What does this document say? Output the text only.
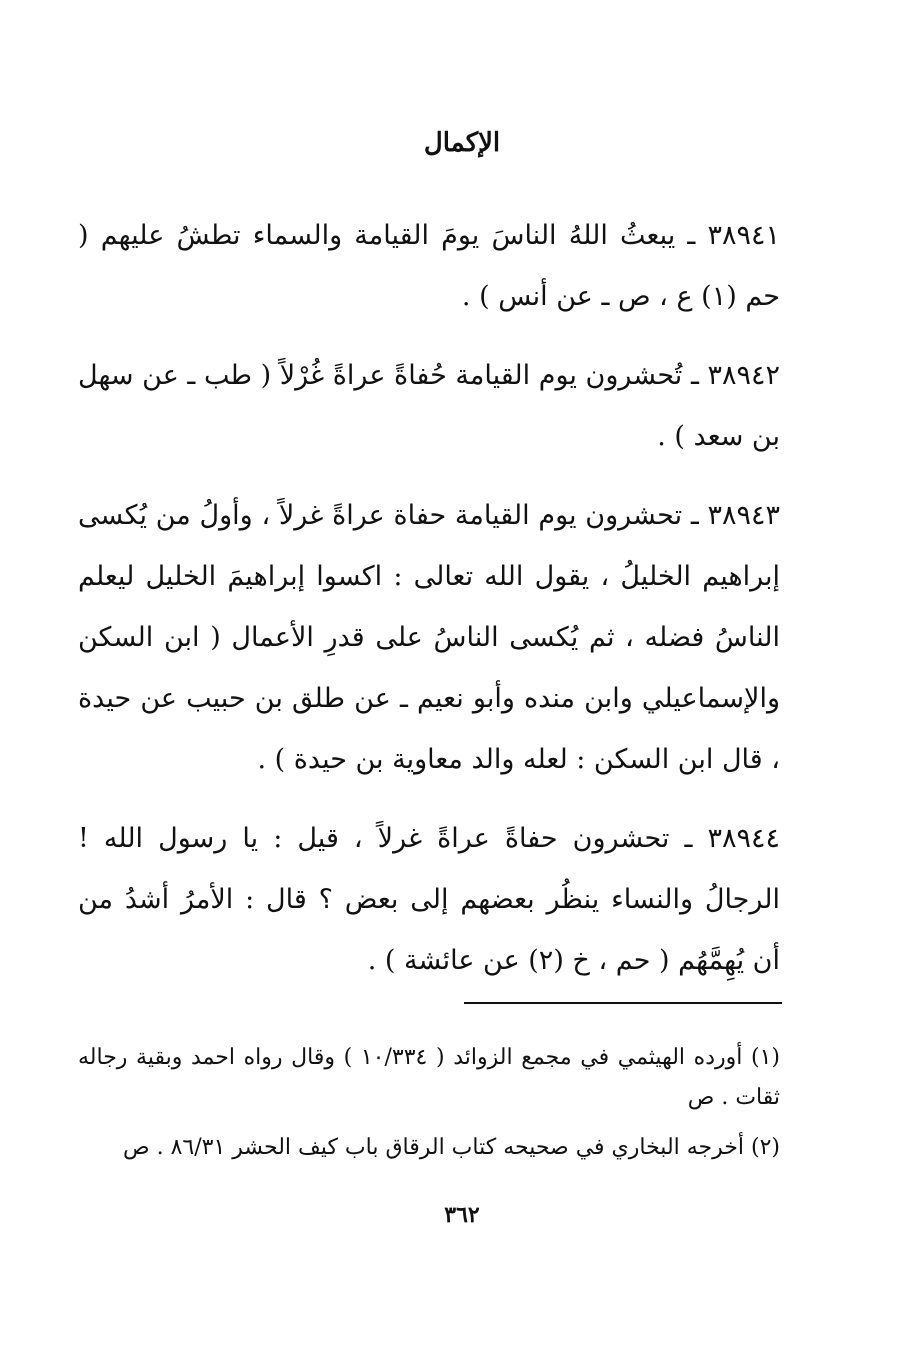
الإكمال

٣٨٩٤١ ـ يبعثُ اللهُ الناسَ يومَ القيامة والسماء تطشُ عليهم ( حم (١) ع ، ص ـ عن أنس ) .

٣٨٩٤٢ ـ تُحشرون يوم القيامة حُفاةً عراةً غُرْلاً ( طب ـ عن سهل بن سعد ) .

٣٨٩٤٣ ـ تحشرون يوم القيامة حفاة عراةً غرلاً ، وأولُ من يُكسى إبراهيم الخليلُ ، يقول الله تعالى : اكسوا إبراهيمَ الخليل ليعلم الناسُ فضله ، ثم يُكسى الناسُ على قدرِ الأعمال ( ابن السكن والإسماعيلي وابن منده وأبو نعيم ـ عن طلق بن حبيب عن حيدة ، قال ابن السكن : لعله والد معاوية بن حيدة ) .

٣٨٩٤٤ ـ تحشرون حفاةً عراةً غرلاً ، قيل : يا رسول الله ! الرجالُ والنساء ينظُر بعضهم إلى بعض ؟ قال : الأمرُ أشدُ من أن يُهِمَّهُم ( حم ، خ (٢) عن عائشة ) .

(١) أورده الهيثمي في مجمع الزوائد ( ١٠/٣٣٤ ) وقال رواه احمد وبقية رجاله ثقات . ص

(٢) أخرجه البخاري في صحيحه كتاب الرقاق باب كيف الحشر ٨٦/٣١ . ص

٣٦٢
